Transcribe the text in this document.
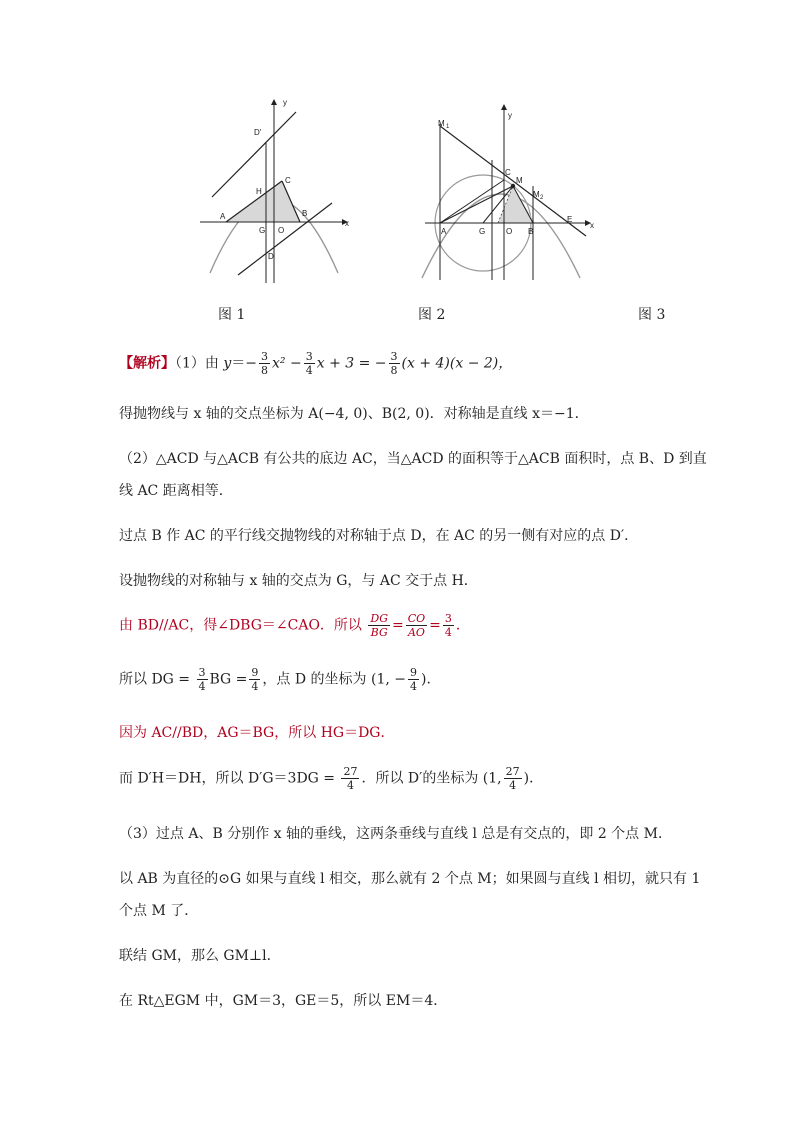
y
x
D'
C
H
A	B
G O
D
y
x
M 1
C
M
M 2
E
A	G	O B
图 1	图 2	图 3
【解析】（1）由 $y=- \frac{3}{8} x^2 - \frac{3}{4}$ x + 3 = − $\frac{3}{8} (x + 4)(x - 2)$，
得抛物线与 x 轴的交点坐标为 A(−4, 0)、B(2, 0)．对称轴是直线 x＝−1．
（2）△ACD 与△ACB 有公共的底边 AC，当△ACD 的面积等于△ACB 面积时，点 B、D 到直
线 AC 距离相等．
过点 B 作 AC 的平行线交抛物线的对称轴于点 D，在 AC 的另一侧有对应的点 D′．
设抛物线的对称轴与 x 轴的交点为 G，与 AC 交于点 H．
由 BD//AC，得∠DBG＝∠CAO．所以 $\frac{DG}{BG} = \frac{CO}{AO} = \frac{3}{4}$ ．
所以 DG = $\frac{3}{4}$ BG = $\frac{9}{4}$ ，点 D 的坐标为 (1, − $\frac{9}{4}$ )．
因为 AC//BD，AG＝BG，所以 HG＝DG．
而 D′H＝DH，所以 $D'G=3DG = \frac{27}{4}$ ．所以 D′的坐标为 (1, $\frac{27}{4}$ )．
（3）过点 A、B 分别作 x 轴的垂线，这两条垂线与直线 l 总是有交点的，即 2 个点 M．
以 AB 为直径的⊙G 如果与直线 l 相交，那么就有 2 个点 M；如果圆与直线 l 相切，就只有 1
个点 M 了．
联结 GM，那么 GM⊥l．
在 Rt△EGM 中，GM＝3，GE＝5，所以 EM＝4．
